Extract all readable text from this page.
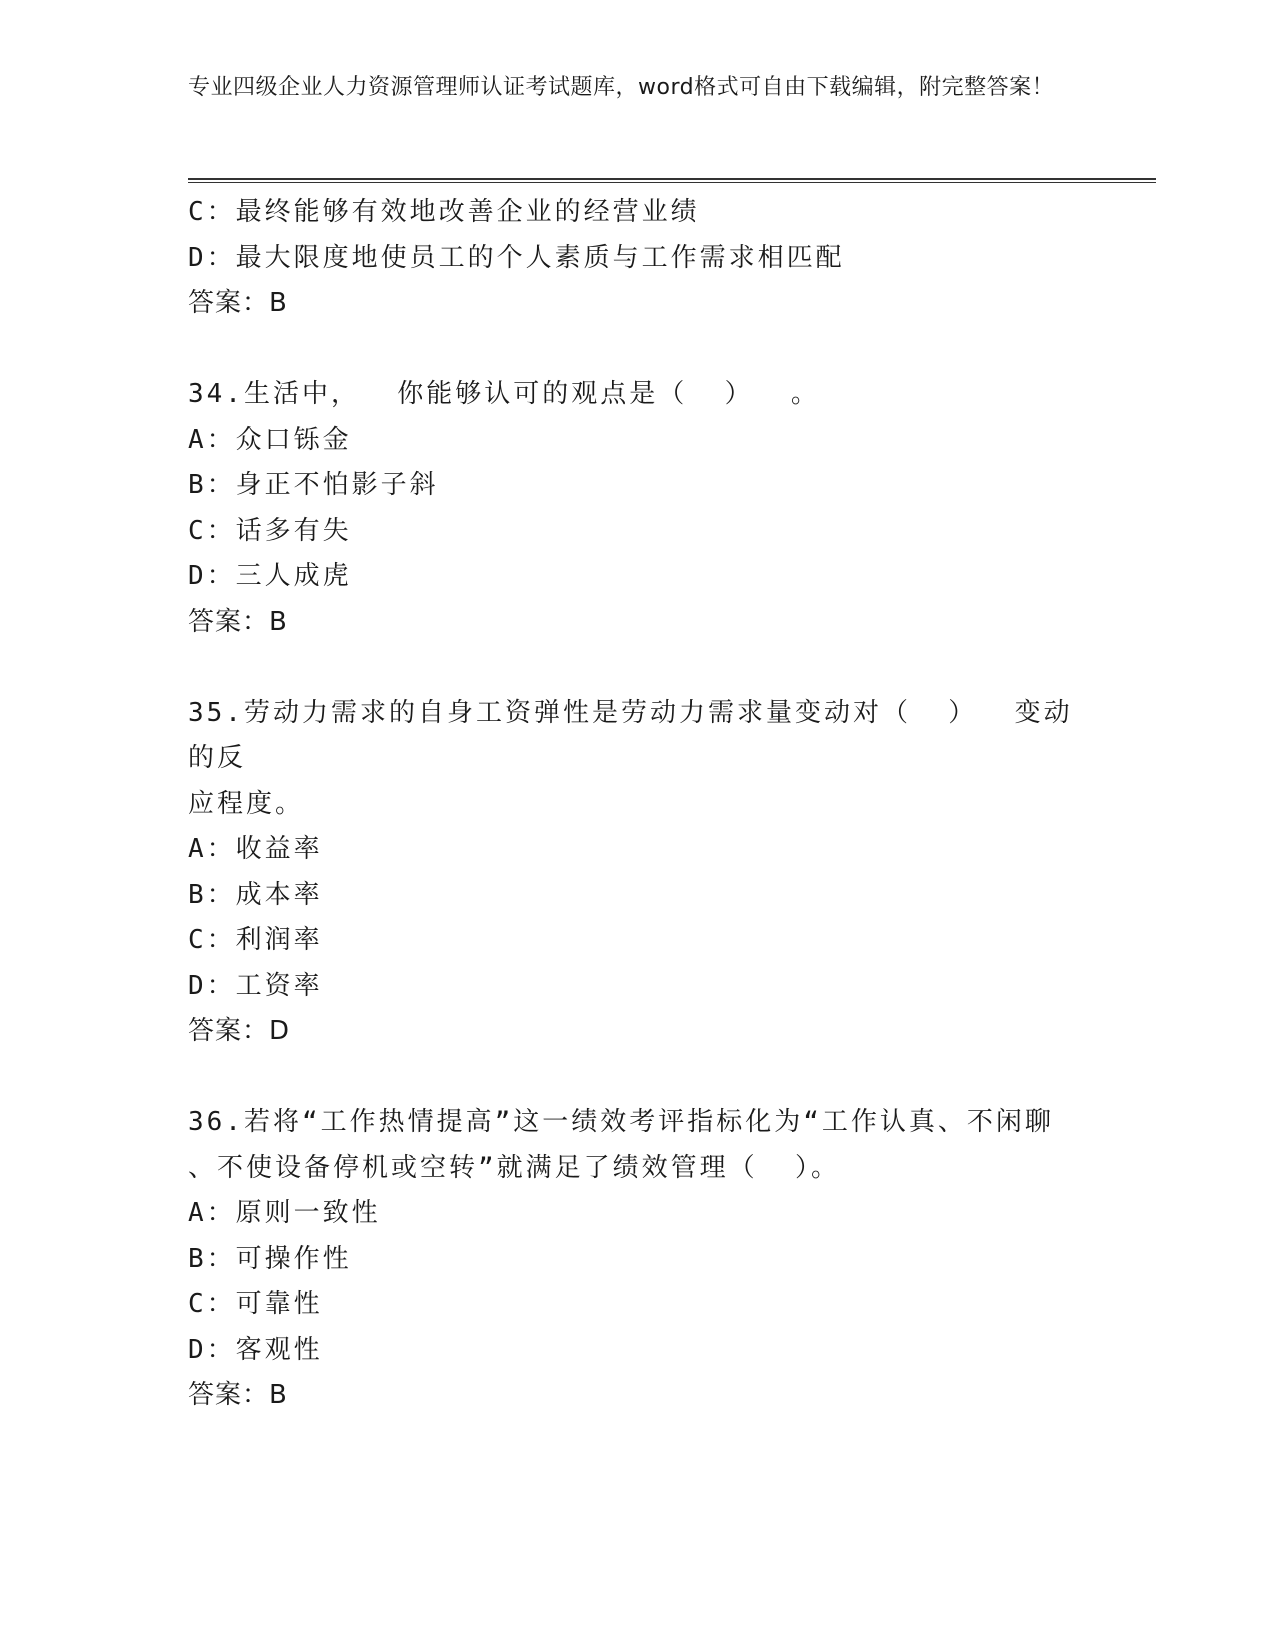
专业四级企业人力资源管理师认证考试题库，word格式可自由下载编辑，附完整答案！

C：最终能够有效地改善企业的经营业绩

D：最大限度地使员工的个人素质与工作需求相匹配

答案：B

34.生活中，  你能够认可的观点是（  ）  。

A：众口铄金

B：身正不怕影子斜

C：话多有失

D：三人成虎

答案：B

35.劳动力需求的自身工资弹性是劳动力需求量变动对（  ）  变动的反

应程度。

A：收益率

B：成本率

C：利润率

D：工资率

答案：D

36.若将“工作热情提高”这一绩效考评指标化为“工作认真、不闲聊

、不使设备停机或空转”就满足了绩效管理（  ）。

A：原则一致性

B：可操作性

C：可靠性

D：客观性

答案：B
